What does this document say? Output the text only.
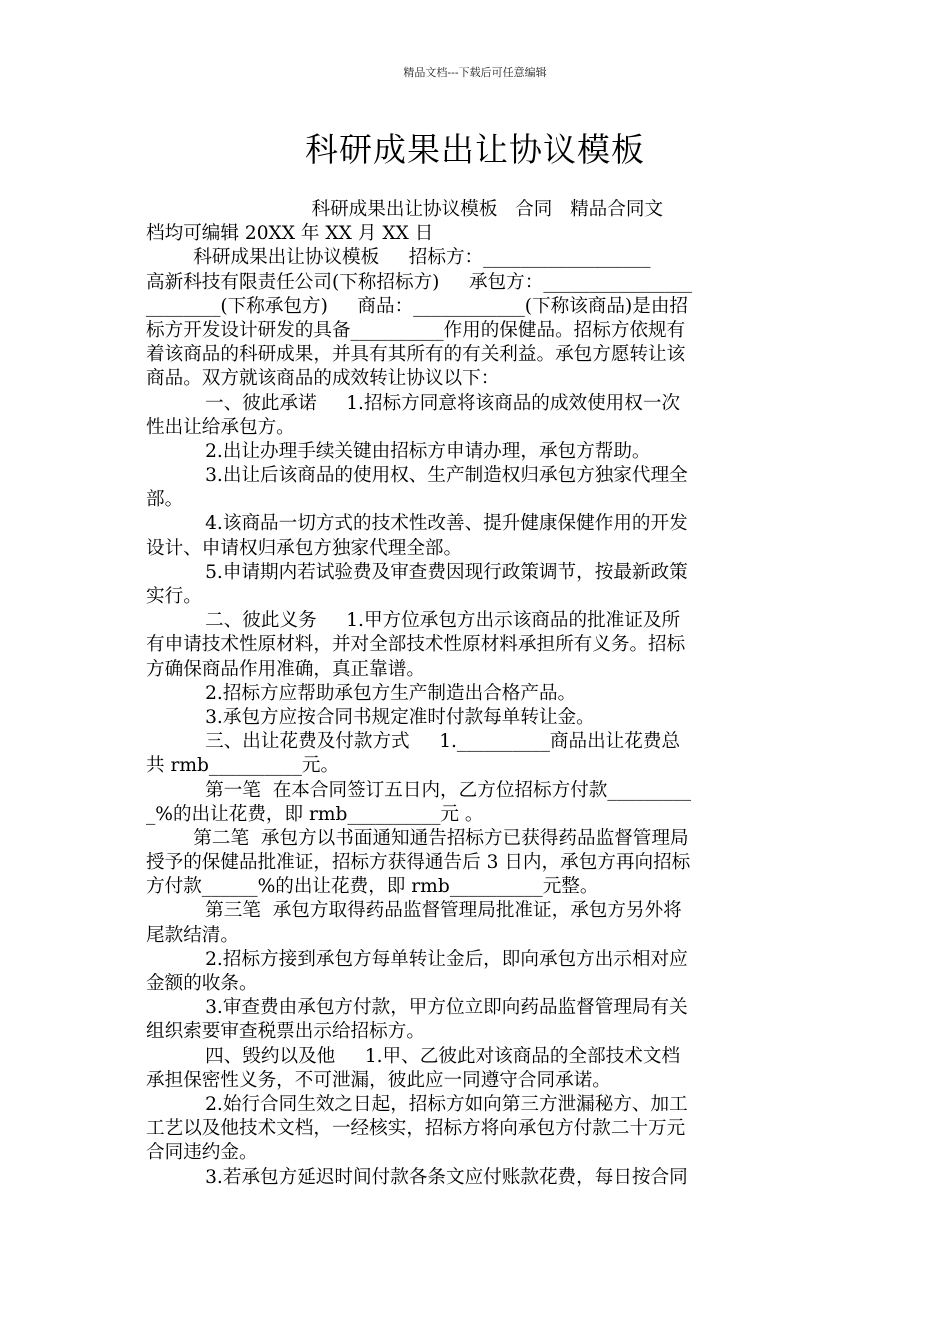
精品文档---下载后可任意编辑
科研成果出让协议模板
科研成果出让协议模板   合同   精品合同文
档均可编辑 20XX 年 XX 月 XX 日
科研成果出让协议模板     招标方：__________________
高新科技有限责任公司(下称招标方)     承包方：________________
________(下称承包方)     商品：____________(下称该商品)是由招
标方开发设计研发的具备__________作用的保健品。招标方依规有
着该商品的科研成果，并具有其所有的有关利益。承包方愿转让该
商品。双方就该商品的成效转让协议以下：
一、彼此承诺     1.招标方同意将该商品的成效使用权一次
性出让给承包方。
2.出让办理手续关键由招标方申请办理，承包方帮助。
3.出让后该商品的使用权、生产制造权归承包方独家代理全
部。
4.该商品一切方式的技术性改善、提升健康保健作用的开发
设计、申请权归承包方独家代理全部。
5.申请期内若试验费及审查费因现行政策调节，按最新政策
实行。
二、彼此义务     1.甲方位承包方出示该商品的批准证及所
有申请技术性原材料，并对全部技术性原材料承担所有义务。招标
方确保商品作用准确，真正靠谱。
2.招标方应帮助承包方生产制造出合格产品。
3.承包方应按合同书规定准时付款每单转让金。
三、出让花费及付款方式     1.__________商品出让花费总
共 rmb__________元。
第一笔  在本合同签订五日内，乙方位招标方付款_________
_%的出让花费，即 rmb__________元 。
第二笔  承包方以书面通知通告招标方已获得药品监督管理局
授予的保健品批准证，招标方获得通告后 3 日内，承包方再向招标
方付款______%的出让花费，即 rmb__________元整。
第三笔  承包方取得药品监督管理局批准证，承包方另外将
尾款结清。
2.招标方接到承包方每单转让金后，即向承包方出示相对应
金额的收条。
3.审查费由承包方付款，甲方位立即向药品监督管理局有关
组织索要审查税票出示给招标方。
四、毁约以及他     1.甲、乙彼此对该商品的全部技术文档
承担保密性义务，不可泄漏，彼此应一同遵守合同承诺。
2.始行合同生效之日起，招标方如向第三方泄漏秘方、加工
工艺以及他技术文档，一经核实，招标方将向承包方付款二十万元
合同违约金。
3.若承包方延迟时间付款各条文应付账款花费，每日按合同
